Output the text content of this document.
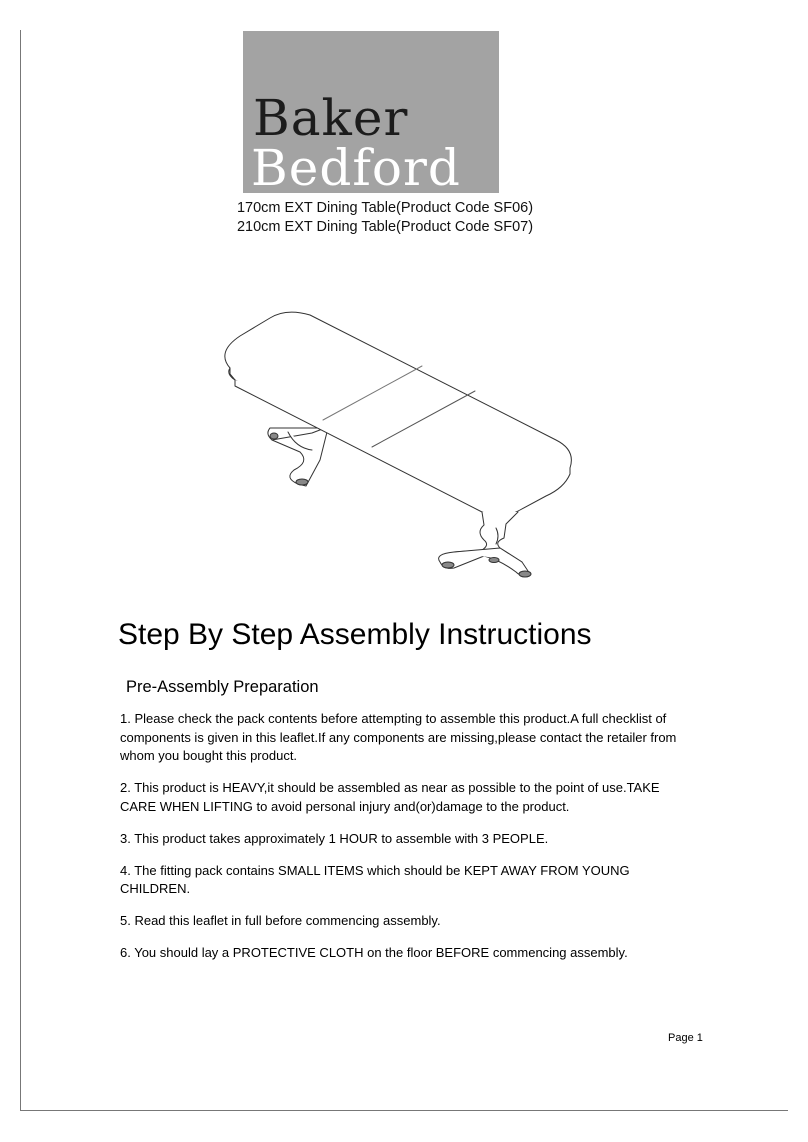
Baker
Bedford
170cm EXT Dining Table(Product Code SF06)
210cm EXT Dining Table(Product Code SF07)
Step By Step Assembly Instructions
Pre-Assembly Preparation

1. Please check the pack contents before attempting to assemble this product.A full checklist of components is given in this leaflet.If any components are missing,please contact the retailer from whom you bought this product.

2. This product is HEAVY,it should be assembled as near as possible to the point of use.TAKE CARE WHEN LIFTING to avoid personal injury and(or)damage to the product.

3. This product takes approximately 1 HOUR to assemble with 3 PEOPLE.

4. The fitting pack contains SMALL ITEMS which should be KEPT AWAY FROM YOUNG CHILDREN.

5. Read this leaflet in full before commencing assembly.

6. You should lay a PROTECTIVE CLOTH on the floor BEFORE commencing assembly.

Page 1
